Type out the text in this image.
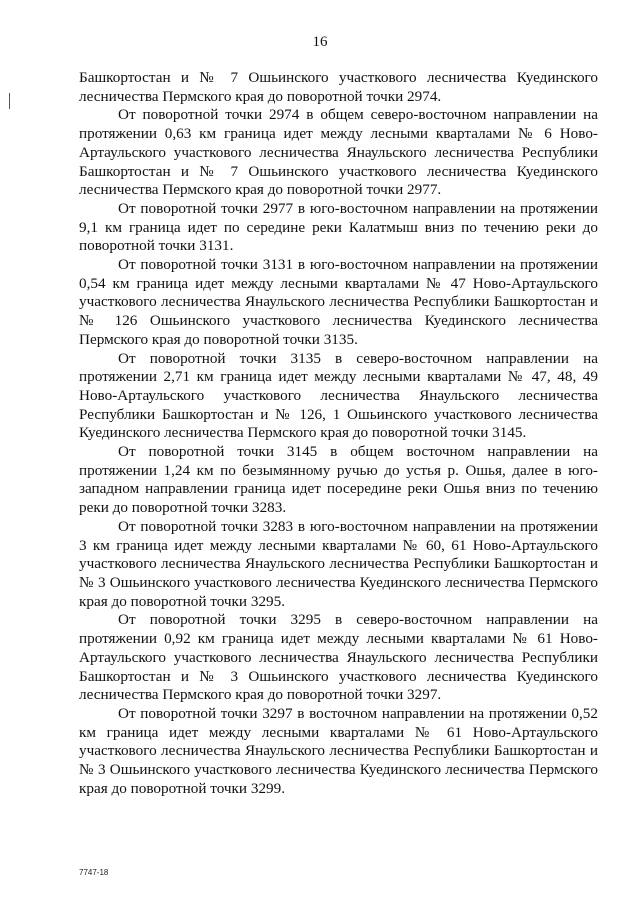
16

Башкортостан и № 7 Ошьинского участкового лесничества Куединского лесничества Пермского края до поворотной точки 2974.

От поворотной точки 2974 в общем северо-восточном направлении на протяжении 0,63 км граница идет между лесными кварталами № 6 Ново-Артаульского участкового лесничества Янаульского лесничества Республики Башкортостан и № 7 Ошьинского участкового лесничества Куединского лесничества Пермского края до поворотной точки 2977.

От поворотной точки 2977 в юго-восточном направлении на протяжении 9,1 км граница идет по середине реки Калатмыш вниз по течению реки до поворотной точки 3131.

От поворотной точки 3131 в юго-восточном направлении на протяжении 0,54 км граница идет между лесными кварталами № 47 Ново-Артаульского участкового лесничества Янаульского лесничества Республики Башкортостан и № 126 Ошьинского участкового лесничества Куединского лесничества Пермского края до поворотной точки 3135.

От поворотной точки 3135 в северо-восточном направлении на протяжении 2,71 км граница идет между лесными кварталами № 47, 48, 49 Ново-Артаульского участкового лесничества Янаульского лесничества Республики Башкортостан и № 126, 1 Ошьинского участкового лесничества Куединского лесничества Пермского края до поворотной точки 3145.

От поворотной точки 3145 в общем восточном направлении на протяжении 1,24 км по безымянному ручью до устья р. Ошья, далее в юго-западном направлении граница идет посередине реки Ошья вниз по течению реки до поворотной точки 3283.

От поворотной точки 3283 в юго-восточном направлении на протяжении 3 км граница идет между лесными кварталами № 60, 61 Ново-Артаульского участкового лесничества Янаульского лесничества Республики Башкортостан и № 3 Ошьинского участкового лесничества Куединского лесничества Пермского края до поворотной точки 3295.

От поворотной точки 3295 в северо-восточном направлении на протяжении 0,92 км граница идет между лесными кварталами № 61 Ново-Артаульского участкового лесничества Янаульского лесничества Республики Башкортостан и № 3 Ошьинского участкового лесничества Куединского лесничества Пермского края до поворотной точки 3297.

От поворотной точки 3297 в восточном направлении на протяжении 0,52 км граница идет между лесными кварталами № 61 Ново-Артаульского участкового лесничества Янаульского лесничества Республики Башкортостан и № 3 Ошьинского участкового лесничества Куединского лесничества Пермского края до поворотной точки 3299.

7747-18
